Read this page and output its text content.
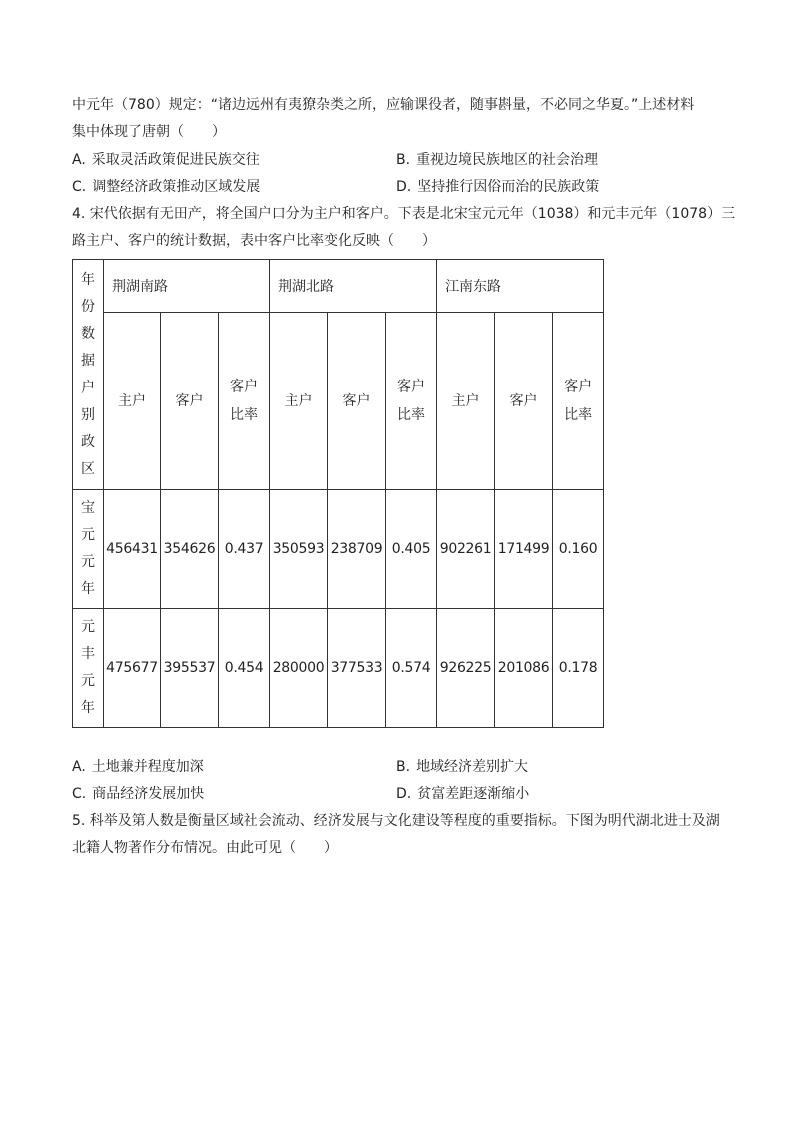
中元年（780）规定：“诸边远州有夷獠杂类之所，应输课役者，随事斟量，不必同之华夏。”上述材料
集中体现了唐朝（　　）
A. 采取灵活政策促进民族交往	B. 重视边境民族地区的社会治理
C. 调整经济政策推动区域发展	D. 坚持推行因俗而治的民族政策
4. 宋代依据有无田产，将全国户口分为主户和客户。下表是北宋宝元元年（1038）和元丰元年（1078）三
路主户、客户的统计数据，表中客户比率变化反映（　　）
年份数据户别政区	荆湖南路			荆湖北路			江南东路		
	主户	客户	客户比率	主户	客户	客户比率	主户	客户	客户比率
宝元元年	456431	354626	0.437	350593	238709	0.405	902261	171499	0.160
元丰元年	475677	395537	0.454	280000	377533	0.574	926225	201086	0.178
A. 土地兼并程度加深	B. 地域经济差别扩大
C. 商品经济发展加快	D. 贫富差距逐渐缩小
5. 科举及第人数是衡量区域社会流动、经济发展与文化建设等程度的重要指标。下图为明代湖北进士及湖
北籍人物著作分布情况。由此可见（　　）
